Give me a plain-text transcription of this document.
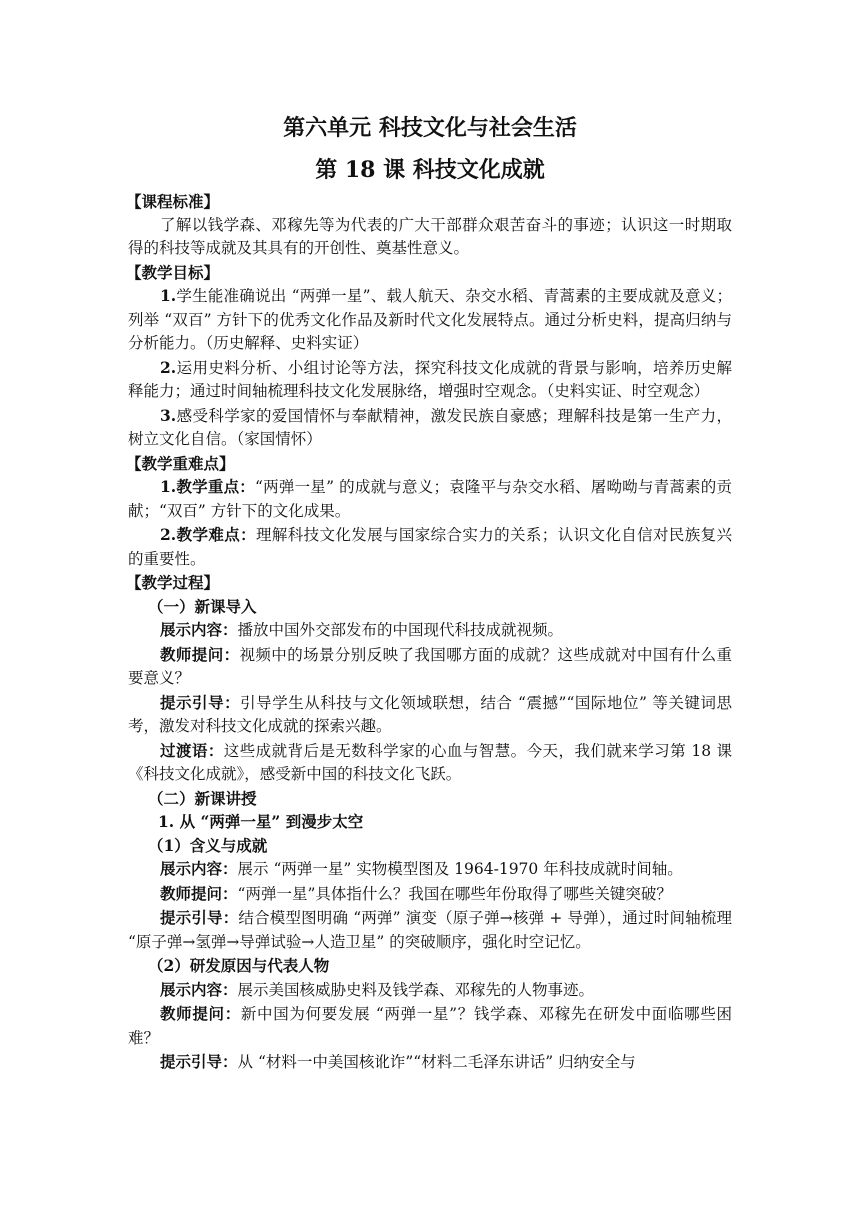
第六单元 科技文化与社会生活
第 18 课 科技文化成就
【课程标准】

了解以钱学森、邓稼先等为代表的广大干部群众艰苦奋斗的事迹；认识这一时期取得的科技等成就及其具有的开创性、奠基性意义。

【教学目标】

1.学生能准确说出 “两弹一星”、载人航天、杂交水稻、青蒿素的主要成就及意义；列举 “双百” 方针下的优秀文化作品及新时代文化发展特点。通过分析史料，提高归纳与分析能力。（历史解释、史料实证）

2.运用史料分析、小组讨论等方法，探究科技文化成就的背景与影响，培养历史解释能力；通过时间轴梳理科技文化发展脉络，增强时空观念。（史料实证、时空观念）

3.感受科学家的爱国情怀与奉献精神，激发民族自豪感；理解科技是第一生产力，树立文化自信。（家国情怀）

【教学重难点】

1.教学重点：“两弹一星” 的成就与意义；袁隆平与杂交水稻、屠呦呦与青蒿素的贡献；“双百” 方针下的文化成果。

2.教学难点：理解科技文化发展与国家综合实力的关系；认识文化自信对民族复兴的重要性。

【教学过程】
（一）新课导入

展示内容：播放中国外交部发布的中国现代科技成就视频。

教师提问：视频中的场景分别反映了我国哪方面的成就？这些成就对中国有什么重要意义？

提示引导：引导学生从科技与文化领域联想，结合 “震撼”“国际地位” 等关键词思考，激发对科技文化成就的探索兴趣。

过渡语：这些成就背后是无数科学家的心血与智慧。今天，我们就来学习第 18 课《科技文化成就》，感受新中国的科技文化飞跃。

（二）新课讲授
1. 从 “两弹一星” 到漫步太空
（1）含义与成就

展示内容：展示 “两弹一星” 实物模型图及 1964-1970 年科技成就时间轴。

教师提问：“两弹一星”具体指什么？我国在哪些年份取得了哪些关键突破？

提示引导：结合模型图明确 “两弹” 演变（原子弹→核弹 + 导弹），通过时间轴梳理 “原子弹→氢弹→导弹试验→人造卫星” 的突破顺序，强化时空记忆。

（2）研发原因与代表人物

展示内容：展示美国核威胁史料及钱学森、邓稼先的人物事迹。

教师提问：新中国为何要发展 “两弹一星”？钱学森、邓稼先在研发中面临哪些困难？

提示引导：从 “材料一中美国核讹诈”“材料二毛泽东讲话” 归纳安全与
